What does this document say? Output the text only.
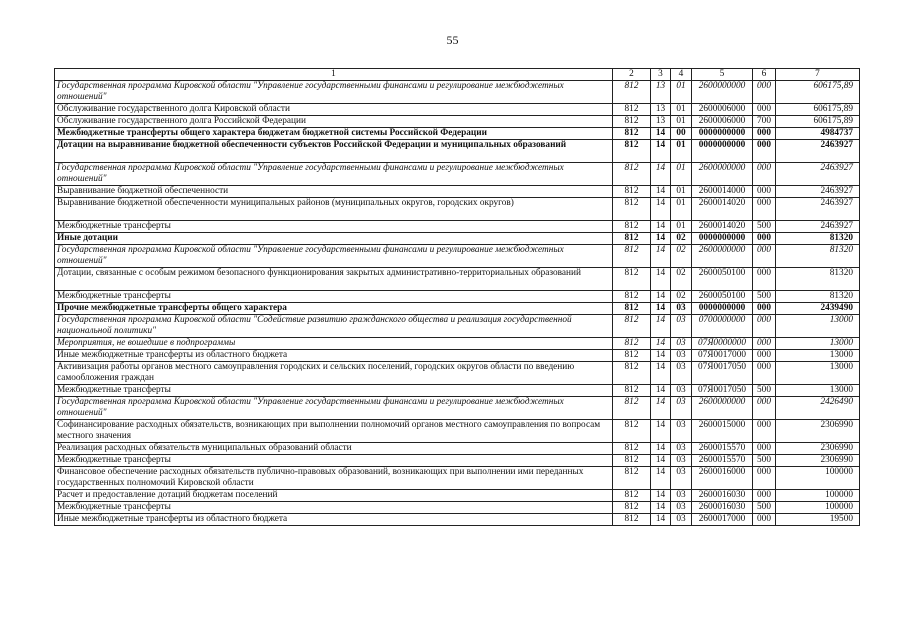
55
1	2	3	4	5	6	7
Государственная программа Кировской области "Управление государственными финансами и регулирование межбюджетных отношений"	812	13	01	2600000000	000	606175,89
Обслуживание государственного долга Кировской области	812	13	01	2600006000	000	606175,89
Обслуживание государственного долга Российской Федерации	812	13	01	2600006000	700	606175,89
Межбюджетные трансферты общего характера бюджетам бюджетной системы Российской Федерации	812	14	00	0000000000	000	4984737
Дотации на выравнивание бюджетной обеспеченности субъектов Российской Федерации и муниципальных образований	812	14	01	0000000000	000	2463927
Государственная программа Кировской области "Управление государственными финансами и регулирование межбюджетных отношений"	812	14	01	2600000000	000	2463927
Выравнивание бюджетной обеспеченности	812	14	01	2600014000	000	2463927
Выравнивание бюджетной обеспеченности муниципальных районов (муниципальных округов, городских округов)	812	14	01	2600014020	000	2463927
Межбюджетные трансферты	812	14	01	2600014020	500	2463927
Иные дотации	812	14	02	0000000000	000	81320
Государственная программа Кировской области "Управление государственными финансами и регулирование межбюджетных отношений"	812	14	02	2600000000	000	81320
Дотации, связанные с особым режимом безопасного функционирования закрытых административно-территориальных образований	812	14	02	2600050100	000	81320
Межбюджетные трансферты	812	14	02	2600050100	500	81320
Прочие межбюджетные трансферты общего характера	812	14	03	0000000000	000	2439490
Государственная программа Кировской области "Содействие развитию гражданского общества и реализация государственной национальной политики"	812	14	03	0700000000	000	13000
Мероприятия, не вошедшие в подпрограммы	812	14	03	07Я0000000	000	13000
Иные межбюджетные трансферты из областного бюджета	812	14	03	07Я0017000	000	13000
Активизация работы органов местного самоуправления городских и сельских поселений, городских округов области по введению самообложения граждан	812	14	03	07Я0017050	000	13000
Межбюджетные трансферты	812	14	03	07Я0017050	500	13000
Государственная программа Кировской области "Управление государственными финансами и регулирование межбюджетных отношений"	812	14	03	2600000000	000	2426490
Софинансирование расходных обязательств, возникающих при выполнении полномочий органов местного самоуправления по вопросам местного значения	812	14	03	2600015000	000	2306990
Реализация расходных обязательств муниципальных образований области	812	14	03	2600015570	000	2306990
Межбюджетные трансферты	812	14	03	2600015570	500	2306990
Финансовое обеспечение расходных обязательств публично-правовых образований, возникающих при выполнении ими переданных государственных полномочий Кировской области	812	14	03	2600016000	000	100000
Расчет и предоставление дотаций бюджетам поселений	812	14	03	2600016030	000	100000
Межбюджетные трансферты	812	14	03	2600016030	500	100000
Иные межбюджетные трансферты из областного бюджета	812	14	03	2600017000	000	19500
